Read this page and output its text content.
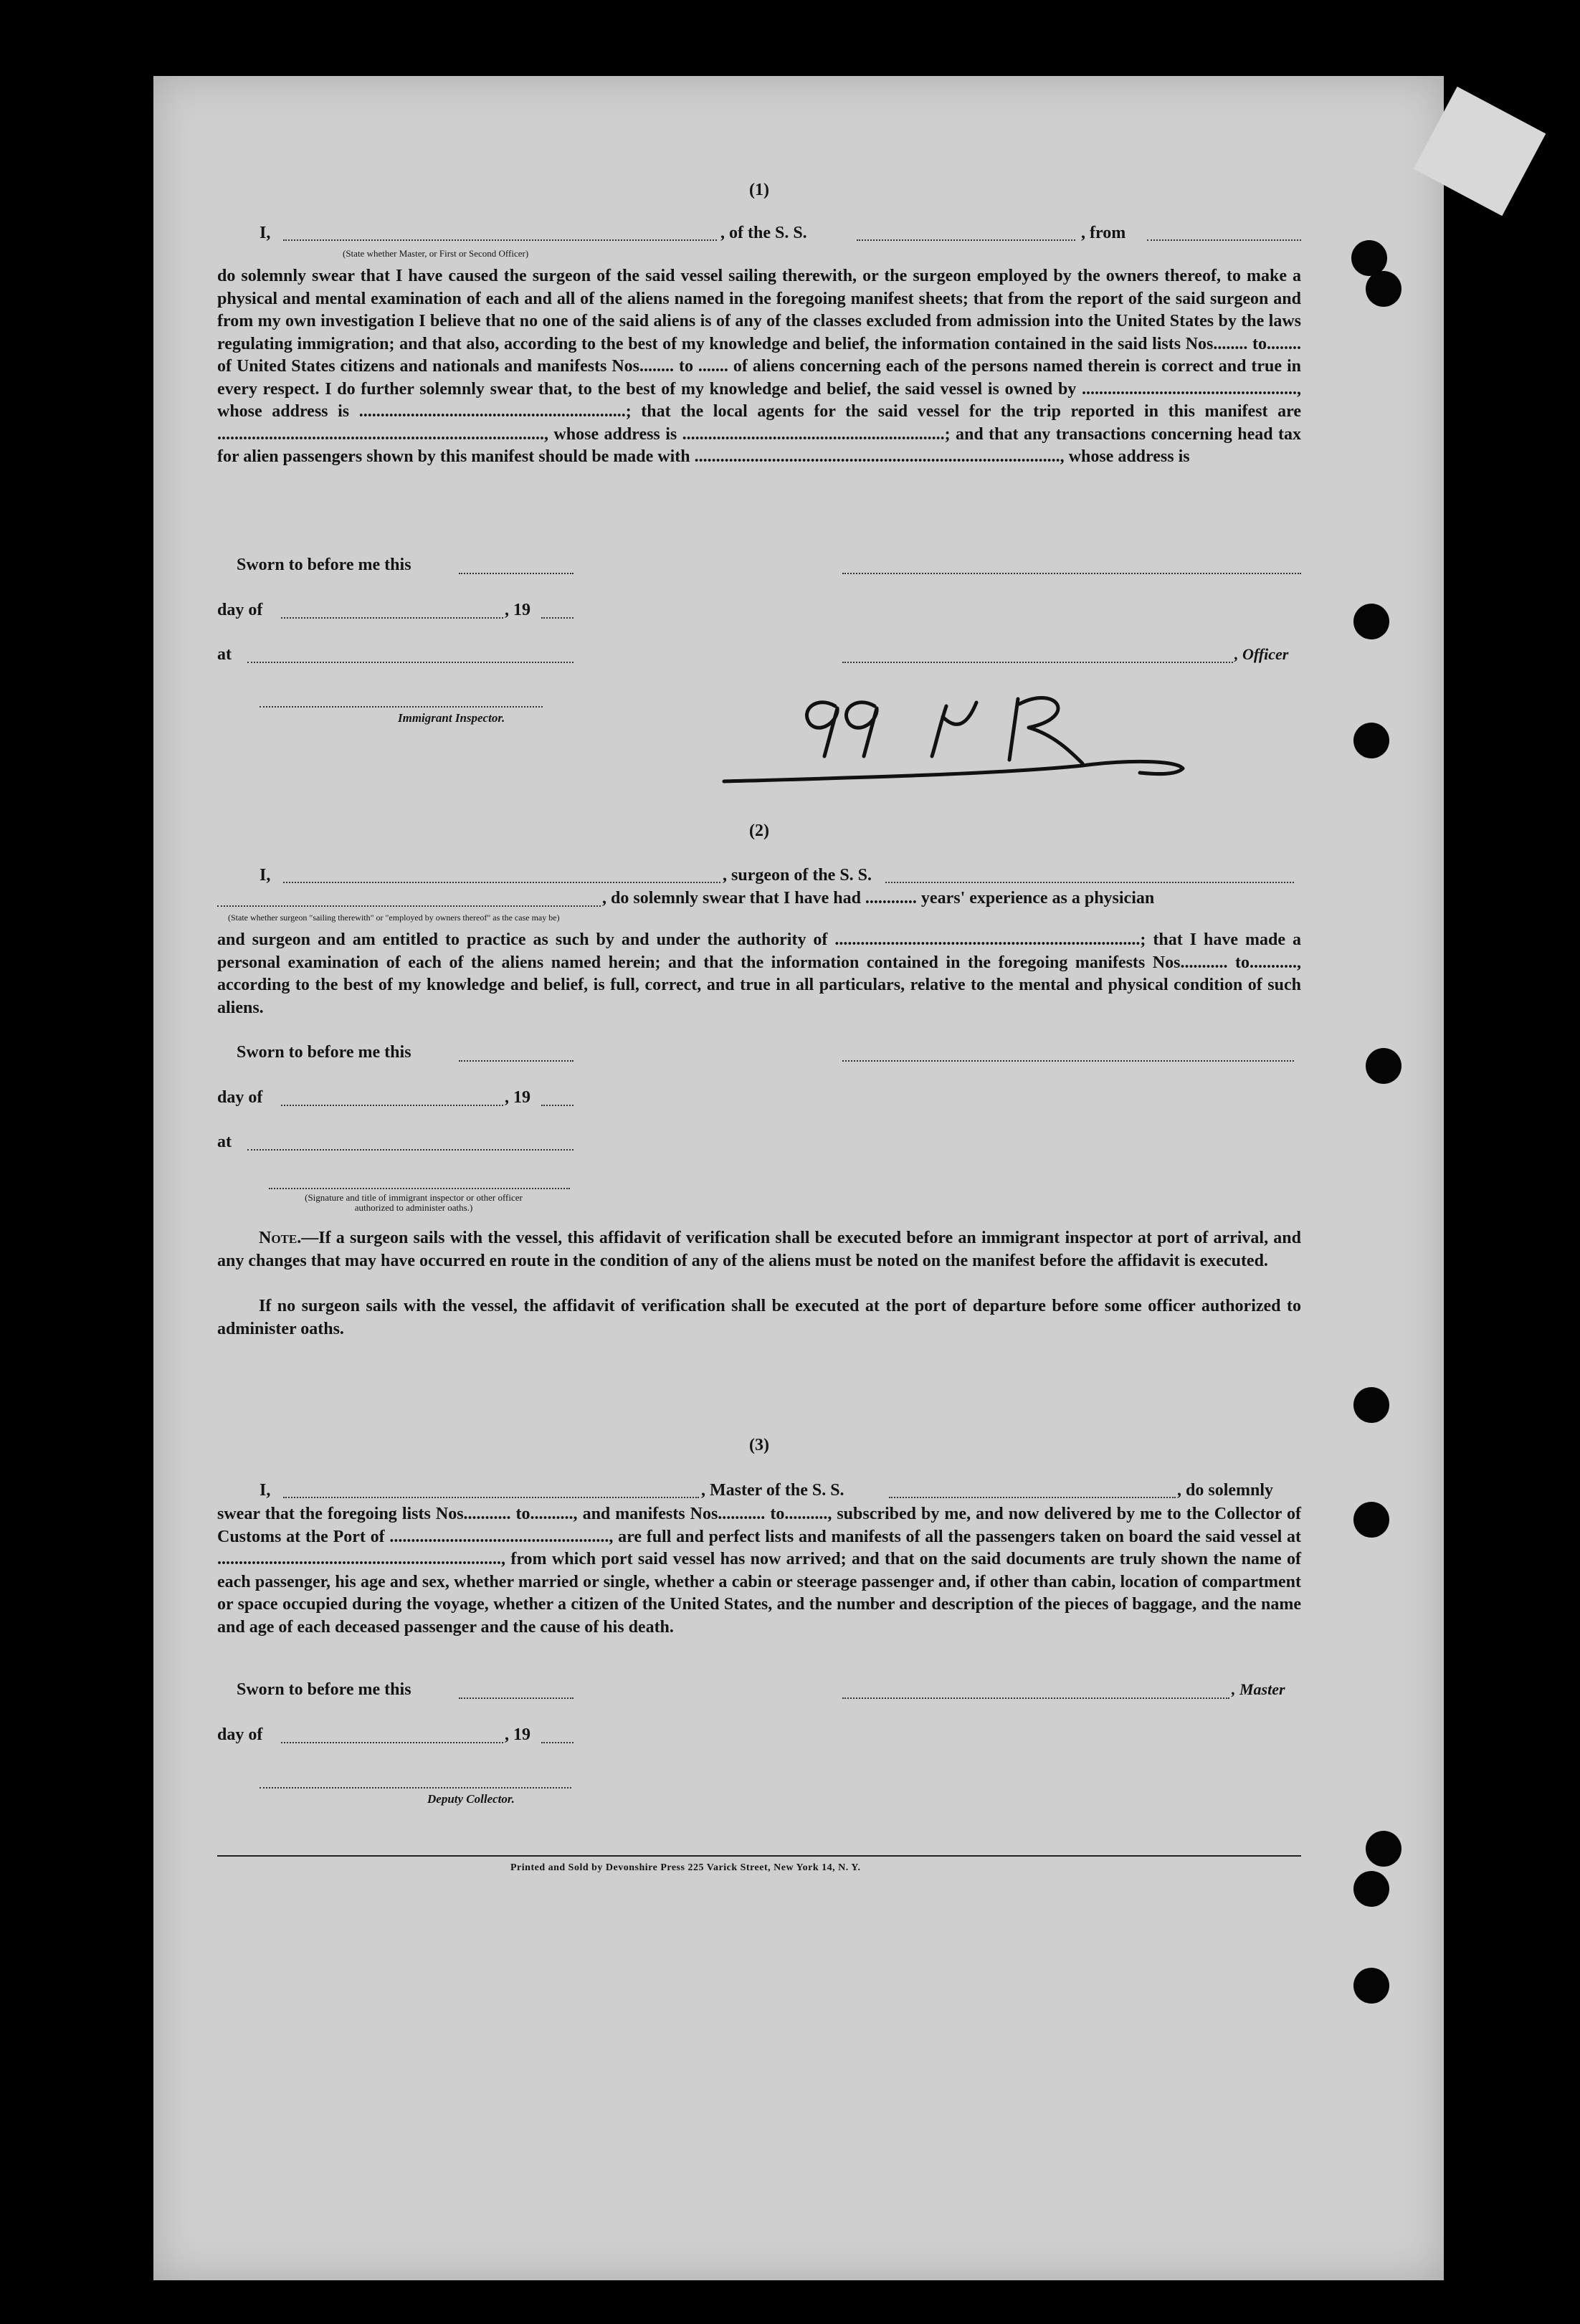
(1)
I,	, of the S. S.	, from
(State whether Master, or First or Second Officer)
do solemnly swear that I have caused the surgeon of the said vessel sailing therewith, or the surgeon employed by the owners thereof, to make a physical and mental examination of each and all of the aliens named in the foregoing manifest sheets; that from the report of the said surgeon and from my own investigation I believe that no one of the said aliens is of any of the classes excluded from admission into the United States by the laws regulating immigration; and that also, according to the best of my knowledge and belief, the information contained in the said lists Nos........ to........ of United States citizens and nationals and manifests Nos........ to ....... of aliens concerning each of the persons named therein is correct and true in every respect. I do further solemnly swear that, to the best of my knowledge and belief, the said vessel is owned by .................................................., whose address is ..............................................................; that the local agents for the said vessel for the trip reported in this manifest are ............................................................................, whose address is .............................................................; and that any transactions concerning head tax for alien passengers shown by this manifest should be made with ....................................................................................., whose address is
Sworn to before me this
day of	, 19
at	, Officer
Immigrant Inspector.
(2)
I,	, surgeon of the S. S.
, do solemnly swear that I have had ............ years' experience as a physician
(State whether surgeon "sailing therewith" or "employed by owners thereof" as the case may be)
and surgeon and am entitled to practice as such by and under the authority of .......................................................................; that I have made a personal examination of each of the aliens named herein; and that the information contained in the foregoing manifests Nos........... to..........., according to the best of my knowledge and belief, is full, correct, and true in all particulars, relative to the mental and physical condition of such aliens.
Sworn to before me this
day of	, 19
at
(Signature and title of immigrant inspector or other officer authorized to administer oaths.)
Note.—If a surgeon sails with the vessel, this affidavit of verification shall be executed before an immigrant inspector at port of arrival, and any changes that may have occurred en route in the condition of any of the aliens must be noted on the manifest before the affidavit is executed.
If no surgeon sails with the vessel, the affidavit of verification shall be executed at the port of departure before some officer authorized to administer oaths.
(3)
I,	, Master of the S. S.	, do solemnly
swear that the foregoing lists Nos........... to.........., and manifests Nos........... to.........., subscribed by me, and now delivered by me to the Collector of Customs at the Port of ..................................................., are full and perfect lists and manifests of all the passengers taken on board the said vessel at .................................................................., from which port said vessel has now arrived; and that on the said documents are truly shown the name of each passenger, his age and sex, whether married or single, whether a cabin or steerage passenger and, if other than cabin, location of compartment or space occupied during the voyage, whether a citizen of the United States, and the number and description of the pieces of baggage, and the name and age of each deceased passenger and the cause of his death.
Sworn to before me this	, Master
day of	, 19
Deputy Collector.
Printed and Sold by Devonshire Press 225 Varick Street, New York 14, N. Y.
